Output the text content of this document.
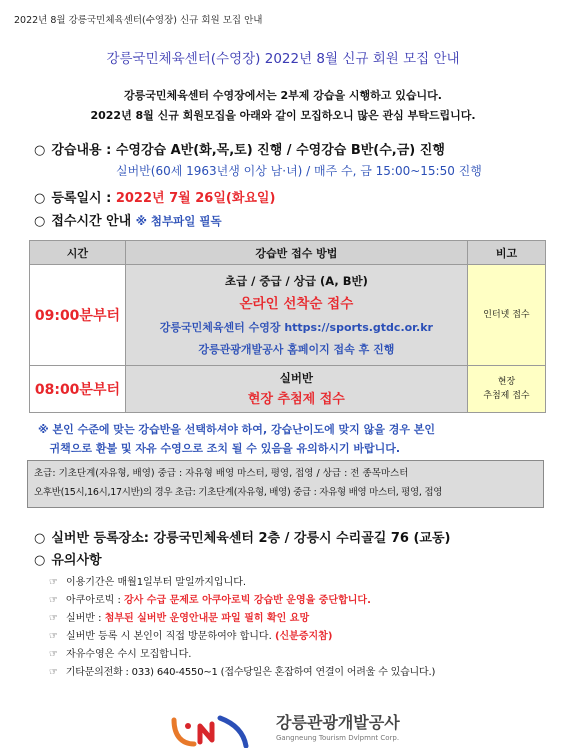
2022년 8월 강릉국민체육센터(수영장) 신규 회원 모집 안내
강릉국민체육센터(수영장) 2022년 8월 신규 회원 모집 안내
강릉국민체육센터 수영장에서는 2부제 강습을 시행하고 있습니다.
2022년 8월 신규 회원모집을 아래와 같이 모집하오니 많은 관심 부탁드립니다.
○ 강습내용 : 수영강습 A반(화,목,토) 진행 / 수영강습 B반(수,금) 진행
실버반(60세 1963년생 이상 남·녀) / 매주 수, 금 15:00~15:50 진행
○ 등록일시 : 2022년 7월 26일(화요일)
○ 접수시간 안내 ※ 첨부파일 필독
시간	강습반 접수 방법	비고
09:00분부터	초급 / 중급 / 상급 (A, B반)
온라인 선착순 접수
강릉국민체육센터 수영장 https://sports.gtdc.or.kr
강릉관광개발공사 홈페이지 접속 후 진행	인터넷 접수
08:00분부터	실버반
현장 추첨제 접수	현장
추첨제 접수
※ 본인 수준에 맞는 강습반을 선택하셔야 하여, 강습난이도에 맞지 않을 경우 본인
귀책으로 환불 및 자유 수영으로 조치 될 수 있음을 유의하시기 바랍니다.
초급: 기초단계(자유형, 배영) 중급 : 자유형 배영 마스터, 평영, 접영 / 상급 : 전 종목마스터
오후반(15시,16시,17시반)의 경우 초급: 기초단계(자유형, 배영) 중급 : 자유형 배영 마스터, 평영, 접영
○ 실버반 등록장소: 강릉국민체육센터 2층 / 강릉시 수리골길 76 (교동)
○ 유의사항
☞ 이용기간은 매월1일부터 말일까지입니다.
☞ 아쿠아로빅 : 강사 수급 문제로 아쿠아로빅 강습반 운영을 중단합니다.
☞ 실버반 : 첨부된 실버반 운영안내문 파일 필히 확인 요망
☞ 실버반 등록 시 본인이 직접 방문하여야 합니다. (신분증지참)
☞ 자유수영은 수시 모집합니다.
☞ 기타문의전화 : 033) 640-4550~1 (접수당일은 혼잡하여 연결이 어려울 수 있습니다.)
강릉관광개발공사
Gangneung Tourism Dvlpmnt Corp.
